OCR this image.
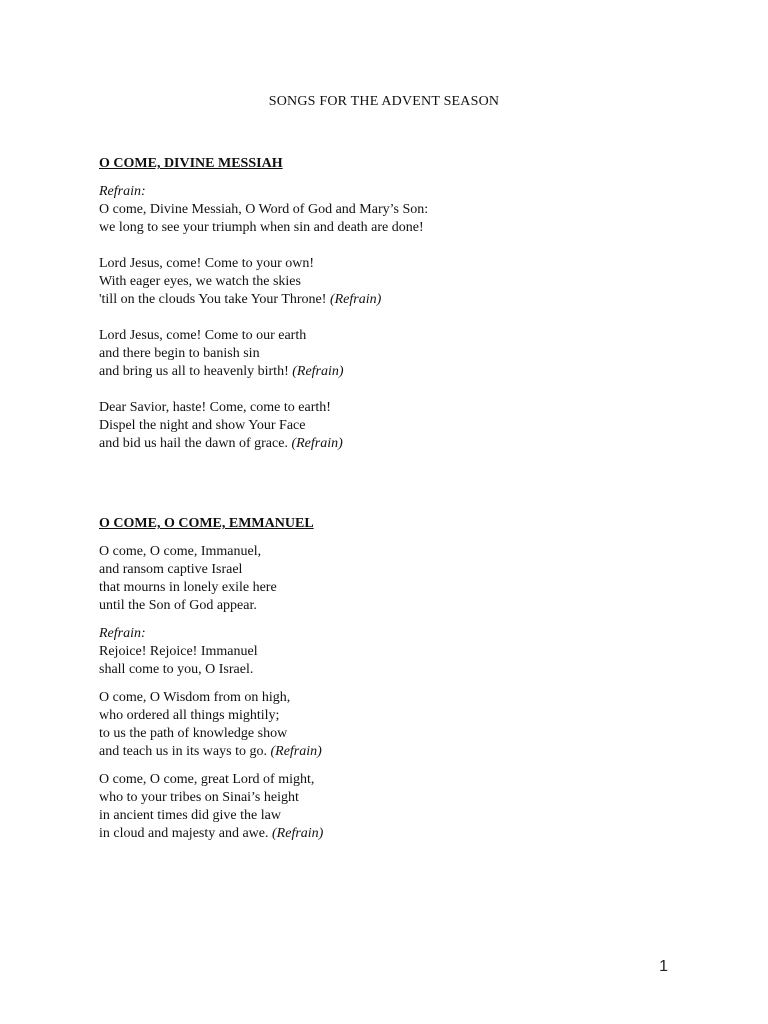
SONGS FOR THE ADVENT SEASON
O COME, DIVINE MESSIAH
Refrain:
O come, Divine Messiah, O Word of God and Mary’s Son:
we long to see your triumph when sin and death are done!
Lord Jesus, come! Come to your own!
With eager eyes, we watch the skies
'till on the clouds You take Your Throne! (Refrain)
Lord Jesus, come! Come to our earth
and there begin to banish sin
and bring us all to heavenly birth! (Refrain)
Dear Savior, haste! Come, come to earth!
Dispel the night and show Your Face
and bid us hail the dawn of grace. (Refrain)
O COME, O COME, EMMANUEL
O come, O come, Immanuel,
and ransom captive Israel
that mourns in lonely exile here
until the Son of God appear.
Refrain:
Rejoice! Rejoice! Immanuel
shall come to you, O Israel.
O come, O Wisdom from on high,
who ordered all things mightily;
to us the path of knowledge show
and teach us in its ways to go. (Refrain)
O come, O come, great Lord of might,
who to your tribes on Sinai’s height
in ancient times did give the law
in cloud and majesty and awe. (Refrain)
1
